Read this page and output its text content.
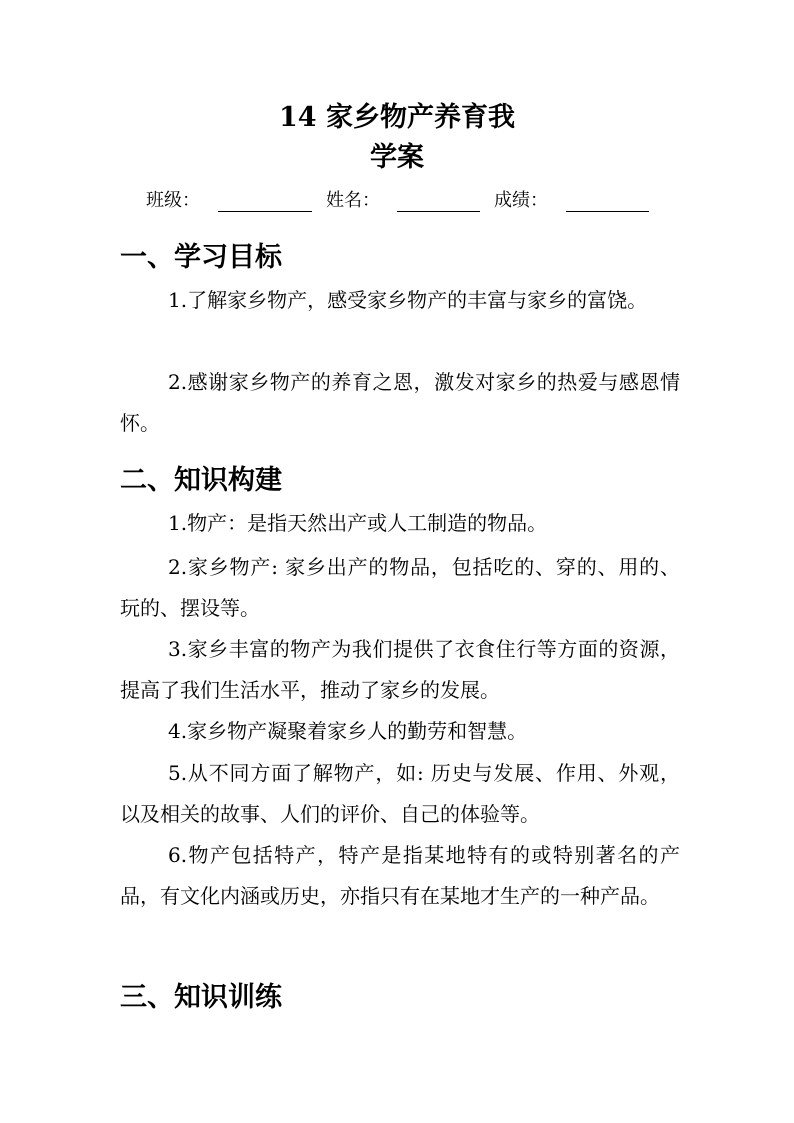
14 家乡物产养育我
学案
班级：	姓名：	成绩：
一、学习目标

1.了解家乡物产，感受家乡物产的丰富与家乡的富饶。

2.感谢家乡物产的养育之恩，激发对家乡的热爱与感恩情怀。

二、知识构建

1.物产：是指天然出产或人工制造的物品。

2.家乡物产: 家乡出产的物品，包括吃的、穿的、用的、玩的、摆设等。

3.家乡丰富的物产为我们提供了衣食住行等方面的资源，提高了我们生活水平，推动了家乡的发展。

4.家乡物产凝聚着家乡人的勤劳和智慧。

5.从不同方面了解物产，如: 历史与发展、作用、外观，以及相关的故事、人们的评价、自己的体验等。

6.物产包括特产，特产是指某地特有的或特别著名的产品，有文化内涵或历史，亦指只有在某地才生产的一种产品。

三、知识训练
